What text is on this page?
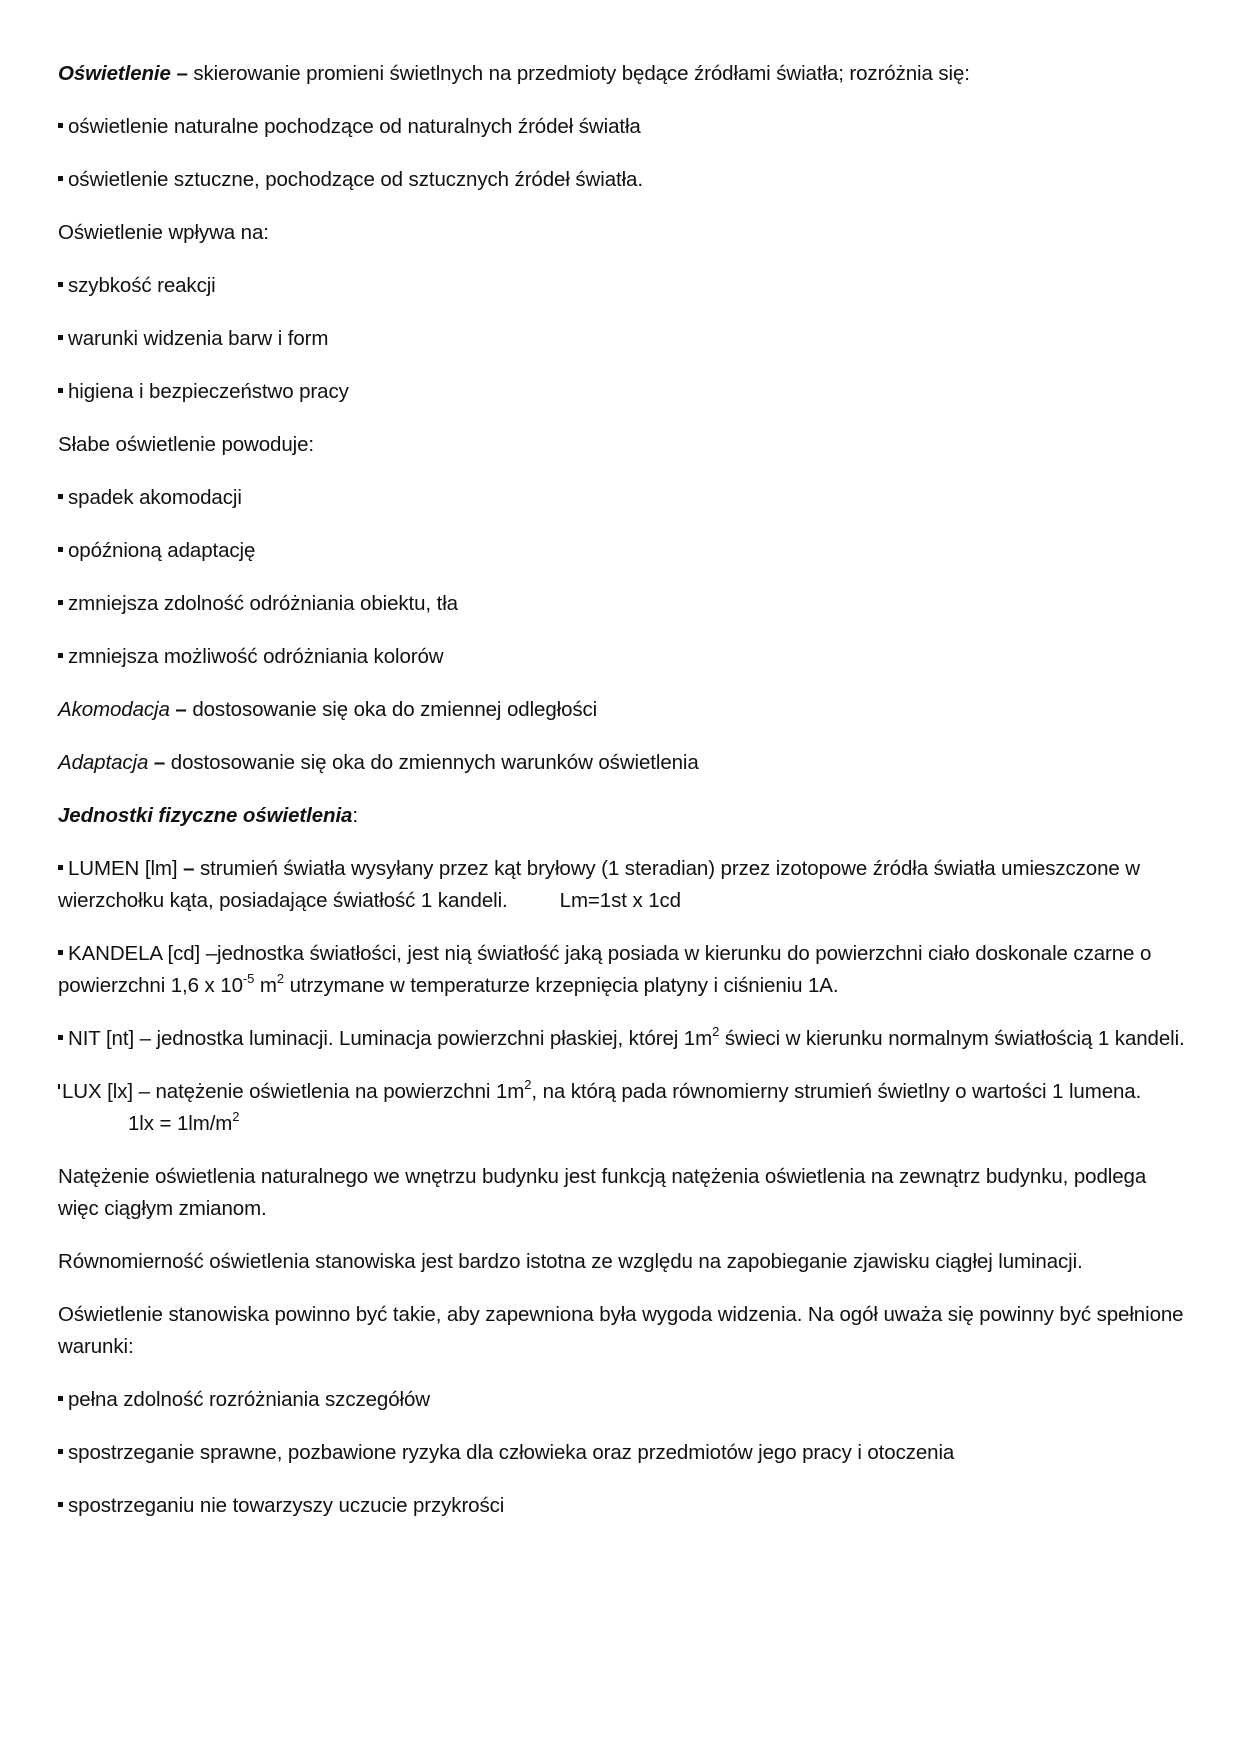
Oświetlenie – skierowanie promieni świetlnych na przedmioty będące źródłami światła; rozróżnia się:

oświetlenie naturalne pochodzące od naturalnych źródeł światła

oświetlenie sztuczne, pochodzące od sztucznych źródeł światła.

Oświetlenie wpływa na:

szybkość reakcji

warunki widzenia barw i form

higiena i bezpieczeństwo pracy

Słabe oświetlenie powoduje:

spadek akomodacji

opóźnioną adaptację

zmniejsza zdolność odróżniania obiektu, tła

zmniejsza możliwość odróżniania kolorów

Akomodacja – dostosowanie się oka do zmiennej odległości

Adaptacja – dostosowanie się oka do zmiennych warunków oświetlenia

Jednostki fizyczne oświetlenia:

LUMEN [lm] – strumień światła wysyłany przez kąt bryłowy (1 steradian) przez izotopowe źródła światła umieszczone w wierzchołku kąta, posiadające światłość 1 kandeli.	Lm=1st x 1cd

KANDELA [cd] –jednostka światłości, jest nią światłość jaką posiada w kierunku do powierzchni ciało doskonale czarne o powierzchni 1,6 x $10^{-5}$ $m^2$ utrzymane w temperaturze krzepnięcia platyny i ciśnieniu 1A.

NIT [nt] – jednostka luminacji. Luminacja powierzchni płaskiej, której $1m^2$ świeci w kierunku normalnym światłością 1 kandeli.

LUX [lx] – natężenie oświetlenia na powierzchni $1m^2$, na którą pada równomierny strumień świetlny o wartości 1 lumena.1lx = $1lm/m^2$

Natężenie oświetlenia naturalnego we wnętrzu budynku jest funkcją natężenia oświetlenia na zewnątrz budynku, podlega więc ciągłym zmianom.

Równomierność oświetlenia stanowiska jest bardzo istotna ze względu na zapobieganie zjawisku ciągłej luminacji.

Oświetlenie stanowiska powinno być takie, aby zapewniona była wygoda widzenia. Na ogół uważa się powinny być spełnione warunki:

pełna zdolność rozróżniania szczegółów

spostrzeganie sprawne, pozbawione ryzyka dla człowieka oraz przedmiotów jego pracy i otoczenia

spostrzeganiu nie towarzyszy uczucie przykrości
